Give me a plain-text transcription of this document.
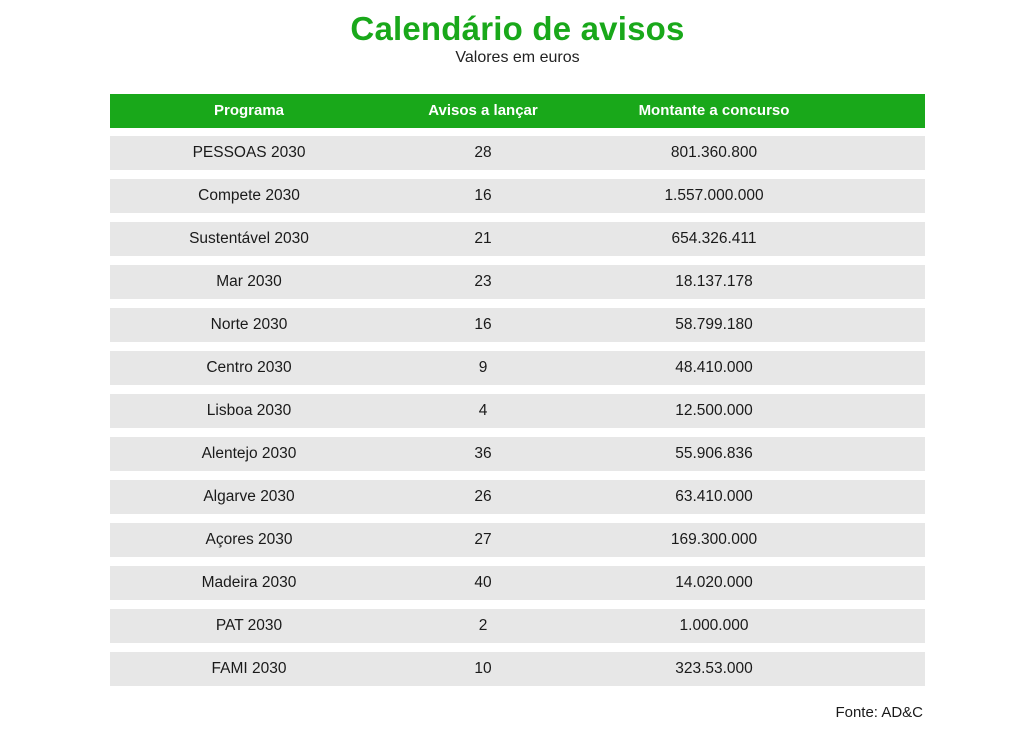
Calendário de avisos
Valores em euros
Programa	Avisos a lançar	Montante a concurso
PESSOAS 2030	28	801.360.800
Compete 2030	16	1.557.000.000
Sustentável 2030	21	654.326.411
Mar 2030	23	18.137.178
Norte 2030	16	58.799.180
Centro 2030	9	48.410.000
Lisboa 2030	4	12.500.000
Alentejo 2030	36	55.906.836
Algarve 2030	26	63.410.000
Açores 2030	27	169.300.000
Madeira 2030	40	14.020.000
PAT 2030	2	1.000.000
FAMI 2030	10	323.53.000
Fonte: AD&C
